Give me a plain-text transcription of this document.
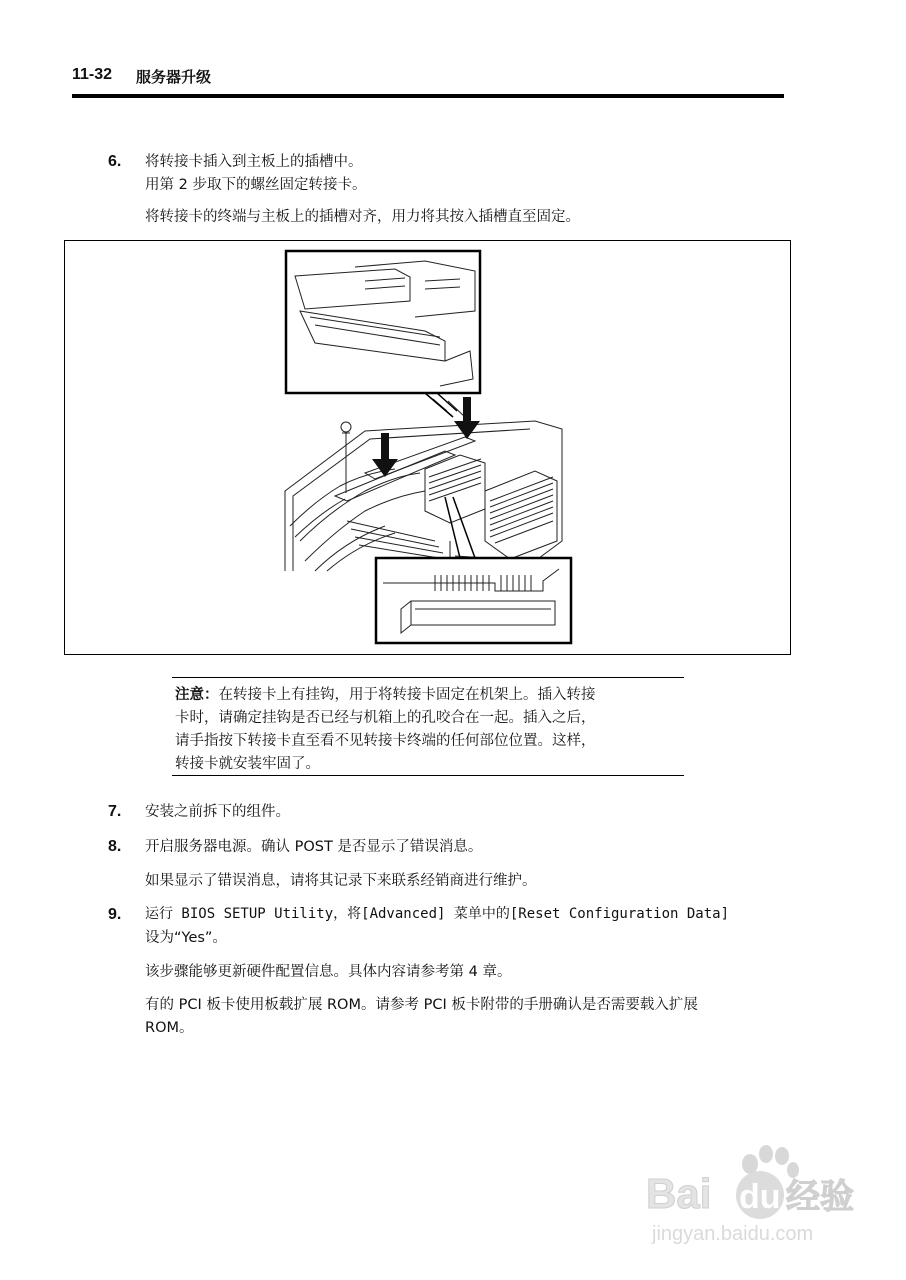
11-32 服务器升级
6. 将转接卡插入到主板上的插槽中。
用第 2 步取下的螺丝固定转接卡。
将转接卡的终端与主板上的插槽对齐，用力将其按入插槽直至固定。
注意：在转接卡上有挂钩，用于将转接卡固定在机架上。插入转接
卡时，请确定挂钩是否已经与机箱上的孔咬合在一起。插入之后，
请手指按下转接卡直至看不见转接卡终端的任何部位位置。这样，
转接卡就安装牢固了。
7. 安装之前拆下的组件。
8. 开启服务器电源。确认 POST 是否显示了错误消息。
如果显示了错误消息，请将其记录下来联系经销商进行维护。
9. 运行 BIOS SETUP Utility，将[Advanced] 菜单中的[Reset Configuration Data]
设为“Yes”。
该步骤能够更新硬件配置信息。具体内容请参考第 4 章。
有的 PCI 板卡使用板载扩展 ROM。请参考 PCI 板卡附带的手册确认是否需要载入扩展
ROM。
Bai du 经验
jingyan.baidu.com
